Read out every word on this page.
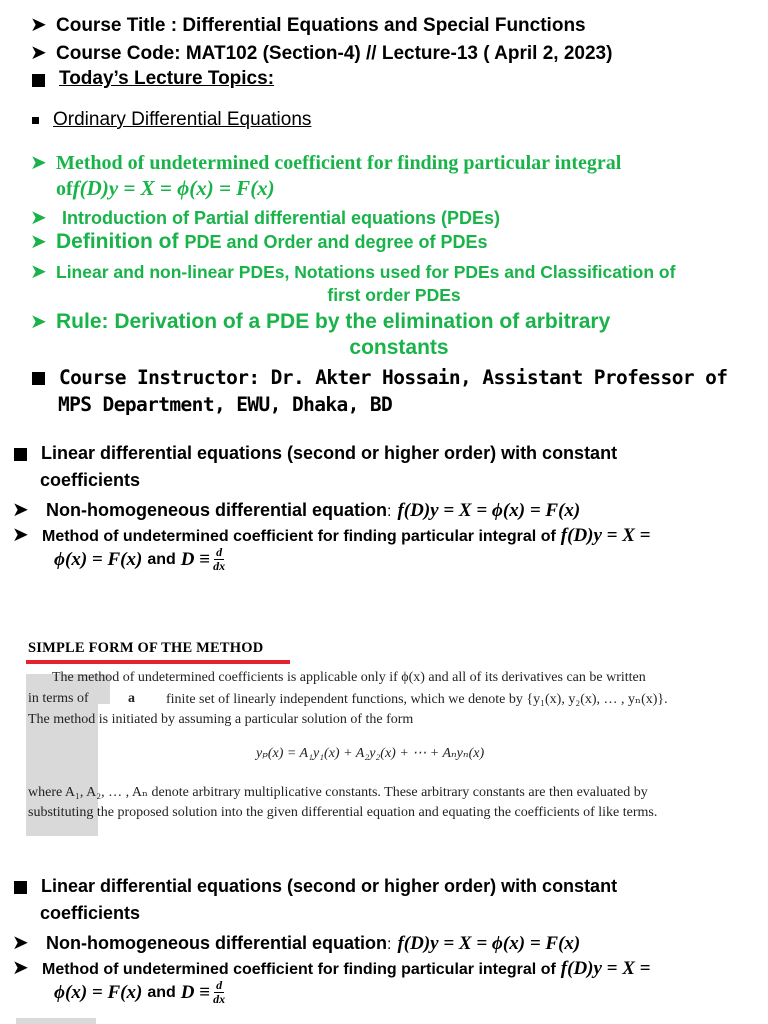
➤ Course Title : Differential Equations and Special Functions
➤ Course Code: MAT102 (Section-4) // Lecture-13 ( April 2, 2023)
Today’s Lecture Topics:
Ordinary Differential Equations
➤ Method of undetermined coefficient for finding particular integral
of f(D)y = X = ϕ(x) = F(x)
➤ Introduction of Partial differential equations (PDEs)
➤ Definition of PDE and Order and degree of PDEs
➤ Linear and non-linear PDEs, Notations used for PDEs and Classification of
first order PDEs
➤ Rule: Derivation of a PDE by the elimination of arbitrary
constants
Course Instructor: Dr. Akter Hossain, Assistant Professor of
MPS Department, EWU, Dhaka, BD
Linear differential equations (second or higher order) with constant
coefficients
➤ Non-homogeneous differential equation : f(D)y = X = ϕ(x) = F(x)
➤ Method of undetermined coefficient for finding particular integral of f(D)y = X =
ϕ(x) = F(x) and $D \equiv \frac{d}{dx}$
SIMPLE FORM OF THE METHOD
The method of undetermined coefficients is applicable only if ϕ(x) and all of its derivatives can be written
in terms of	a finite set of linearly independent functions, which we denote by {y₁(x), y₂(x), … , yₙ(x)}.
The method is initiated by assuming a particular solution of the form
yₚ(x) = A₁y₁(x) + A₂y₂(x) + ⋯ + Aₙyₙ(x)
where A₁, A₂, … , Aₙ denote arbitrary multiplicative constants. These arbitrary constants are then evaluated by
substituting the proposed solution into the given differential equation and equating the coefficients of like terms.
Linear differential equations (second or higher order) with constant
coefficients
➤ Non-homogeneous differential equation : f(D)y = X = ϕ(x) = F(x)
➤ Method of undetermined coefficient for finding particular integral of f(D)y = X =
ϕ(x) = F(x) and $D \equiv \frac{d}{dx}$
